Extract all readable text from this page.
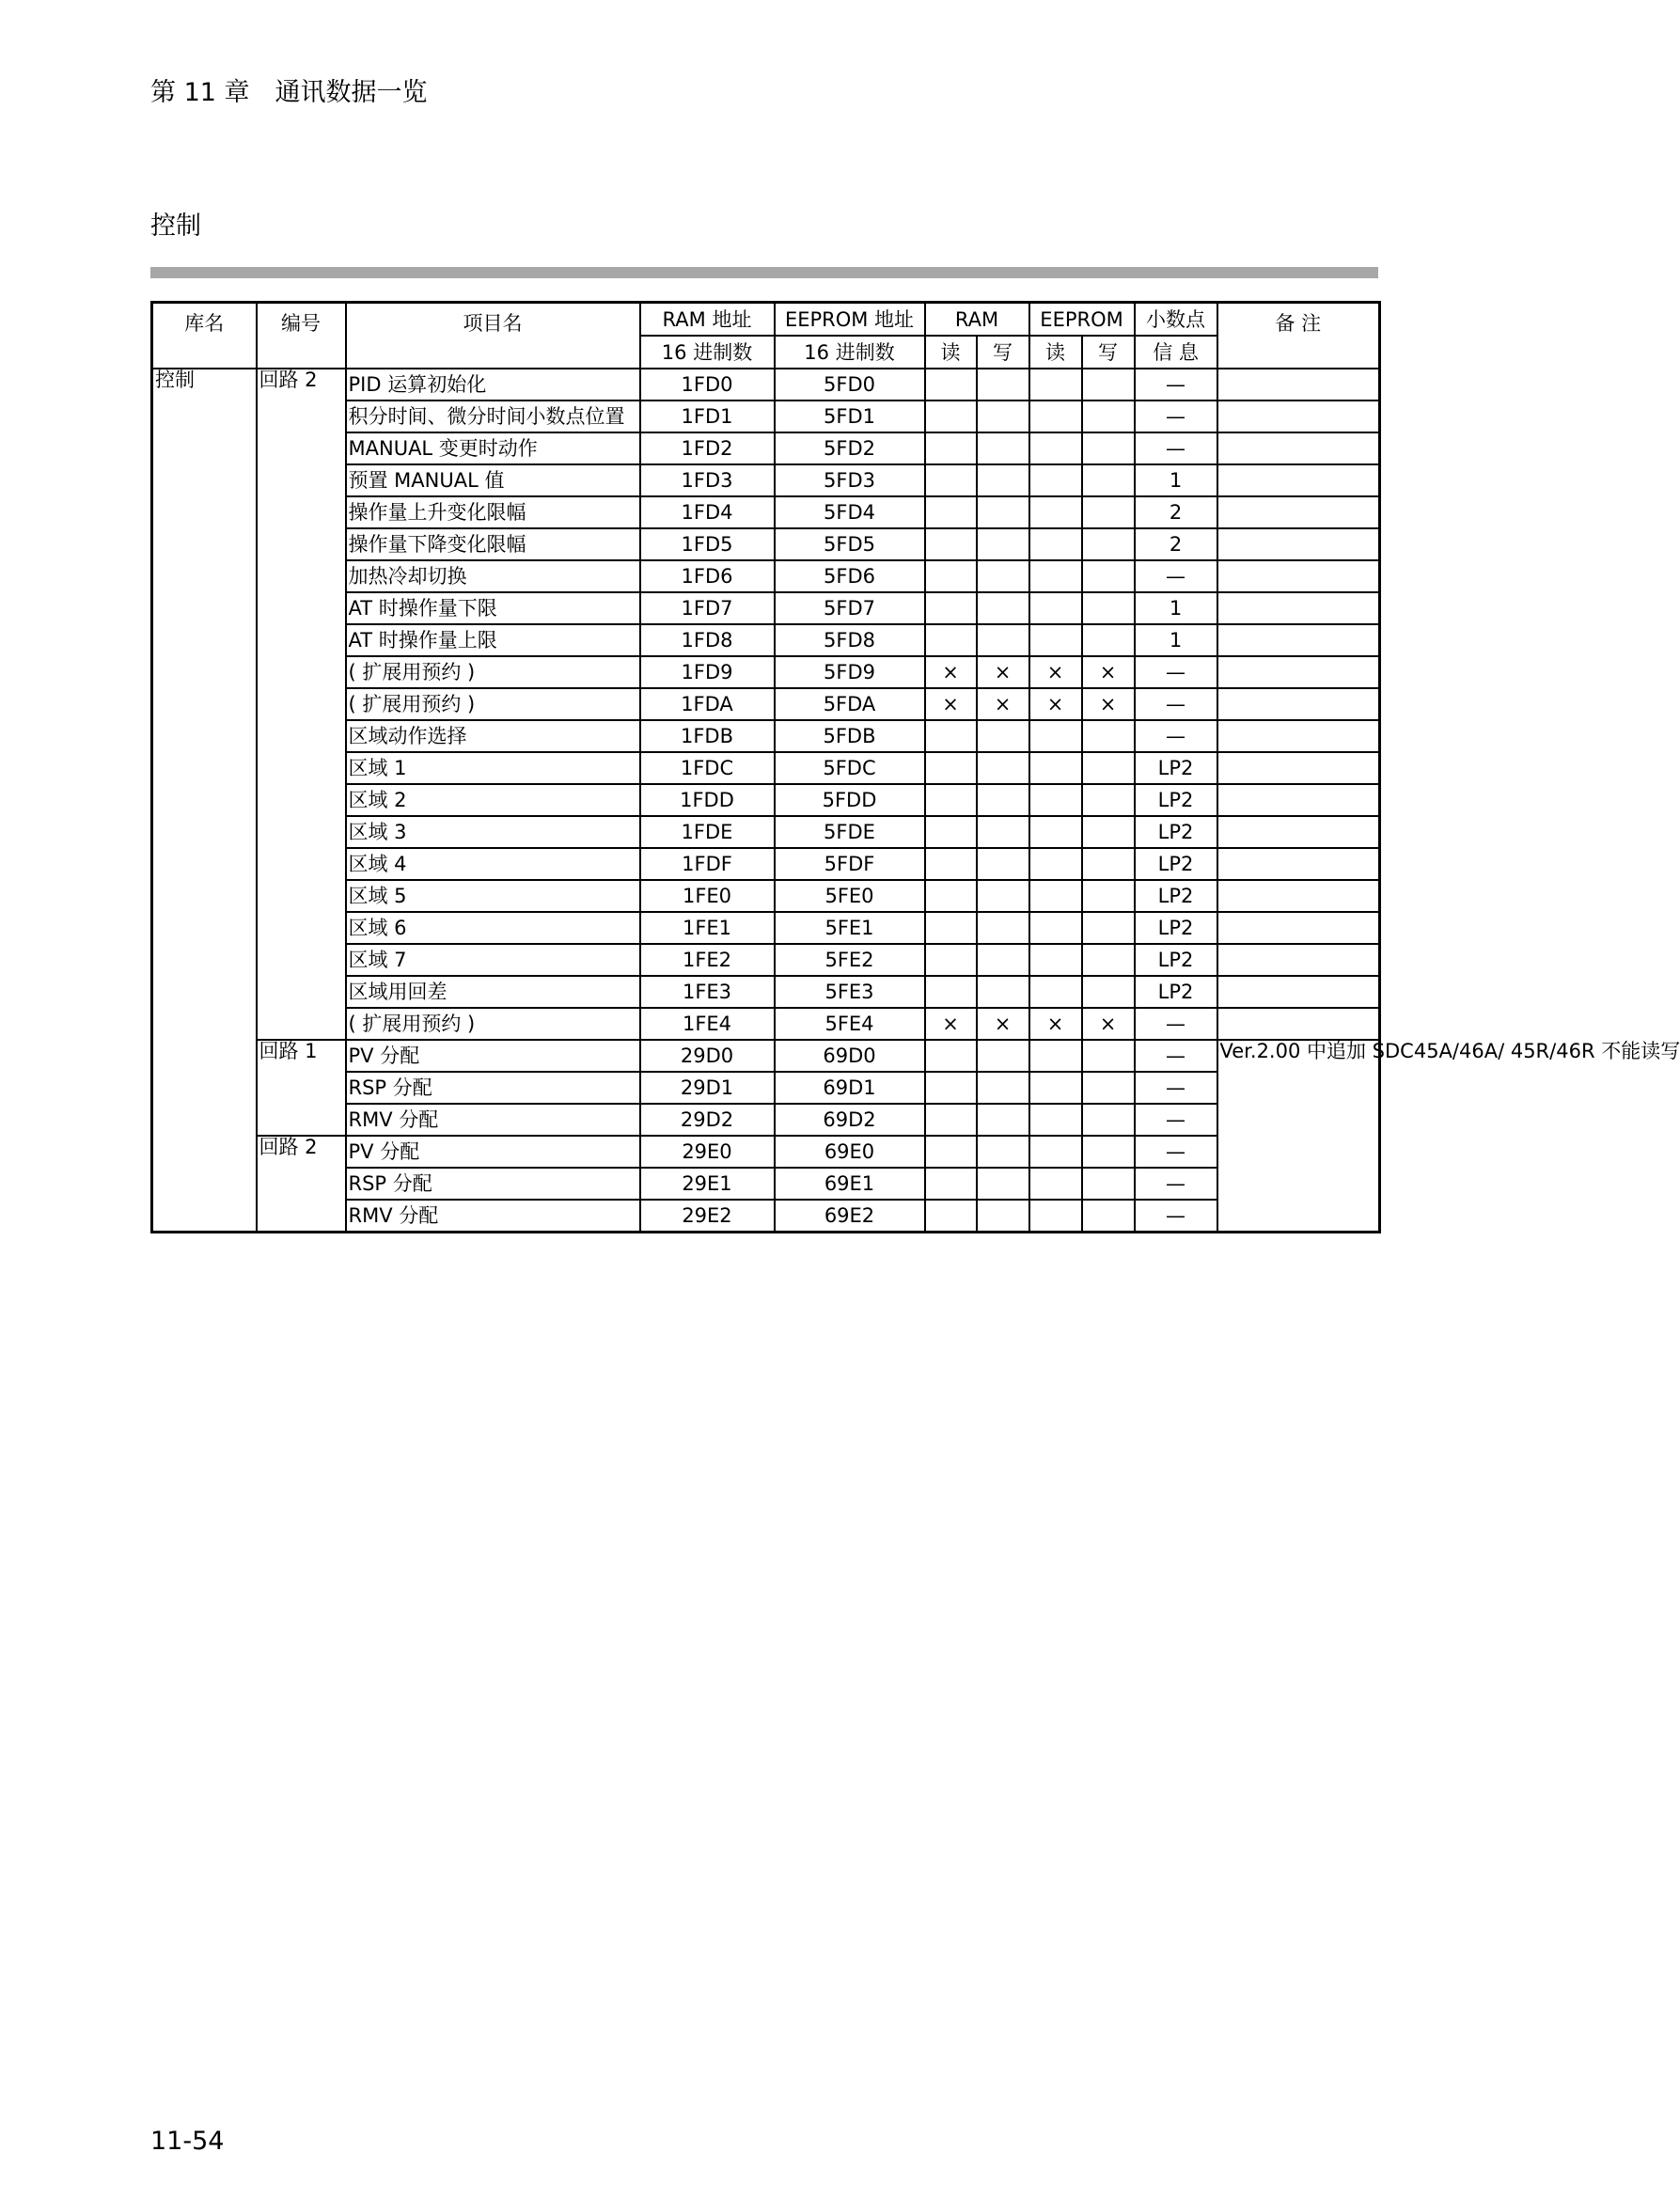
第 11 章　通讯数据一览
控制
库名	编号	项目名	RAM 地址	EEPROM 地址	RAM		EEPROM		小数点	备 注
			16 进制数	16 进制数	读	写	读	写	信 息	
控制	回路 2	PID 运算初始化	1FD0	5FD0					—	
		积分时间、微分时间小数点位置	1FD1	5FD1					—	
		MANUAL 变更时动作	1FD2	5FD2					—	
		预置 MANUAL 值	1FD3	5FD3					1	
		操作量上升变化限幅	1FD4	5FD4					2	
		操作量下降变化限幅	1FD5	5FD5					2	
		加热冷却切换	1FD6	5FD6					—	
		AT 时操作量下限	1FD7	5FD7					1	
		AT 时操作量上限	1FD8	5FD8					1	
		( 扩展用预约 )	1FD9	5FD9	×	×	×	×	—	
		( 扩展用预约 )	1FDA	5FDA	×	×	×	×	—	
		区域动作选择	1FDB	5FDB					—	
		区域 1	1FDC	5FDC					LP2	
		区域 2	1FDD	5FDD					LP2	
		区域 3	1FDE	5FDE					LP2	
		区域 4	1FDF	5FDF					LP2	
		区域 5	1FE0	5FE0					LP2	
		区域 6	1FE1	5FE1					LP2	
		区域 7	1FE2	5FE2					LP2	
		区域用回差	1FE3	5FE3					LP2	
		( 扩展用预约 )	1FE4	5FE4	×	×	×	×	—	
	回路 1	PV 分配	29D0	69D0					—	Ver.2.00 中追加 SDC45A/46A/ 45R/46R 不能读写
		RSP 分配	29D1	69D1					—	
		RMV 分配	29D2	69D2					—	
	回路 2	PV 分配	29E0	69E0					—	
		RSP 分配	29E1	69E1					—	
		RMV 分配	29E2	69E2					—	
11-54
